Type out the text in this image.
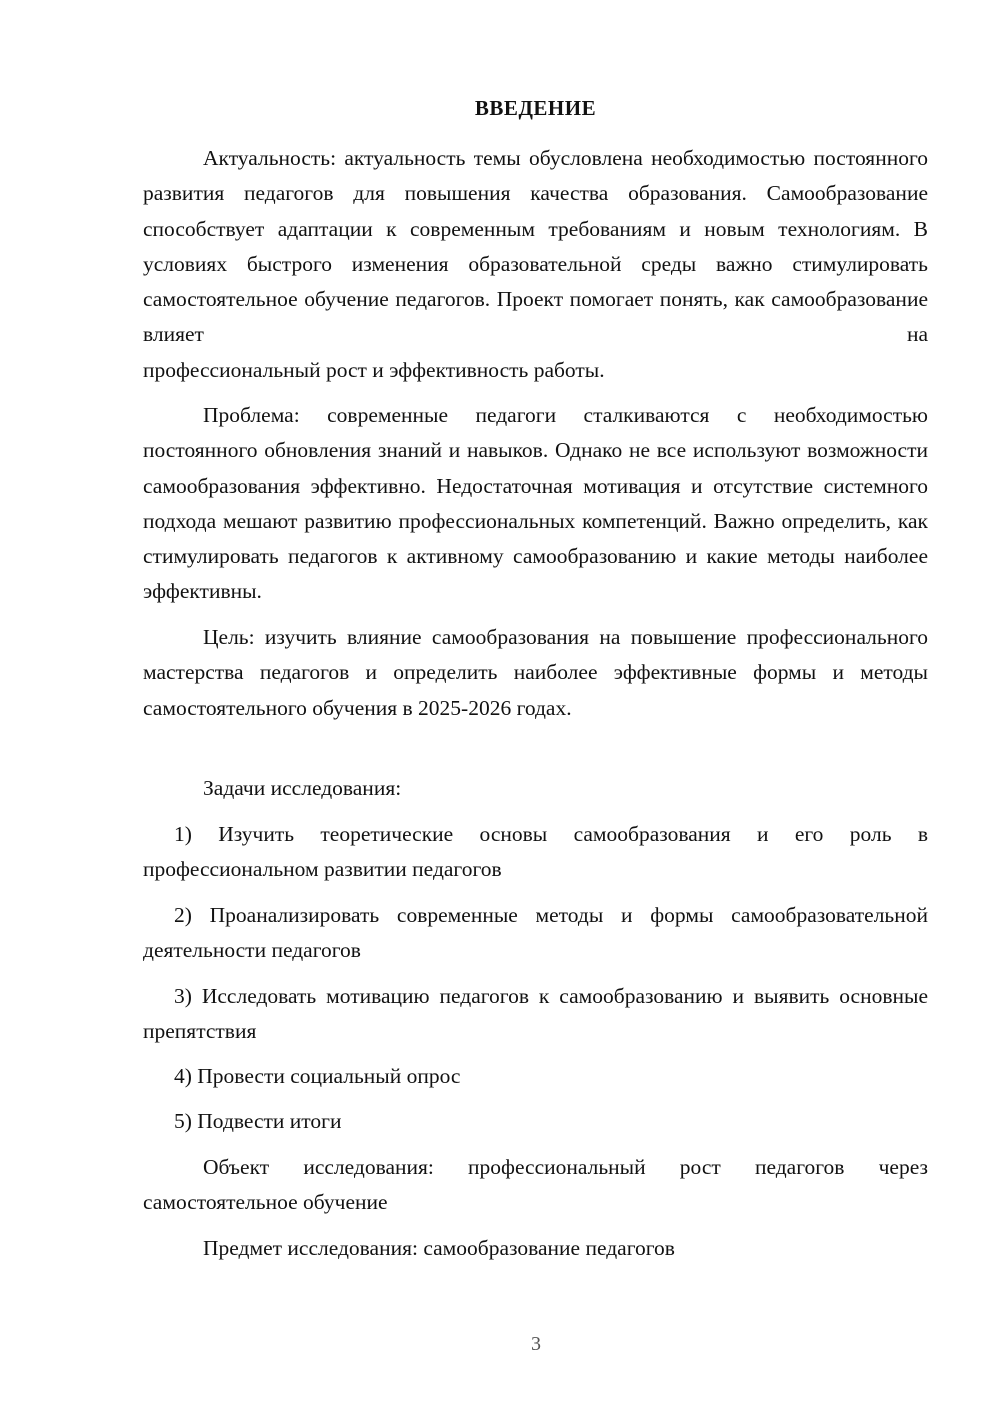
ВВЕДЕНИЕ

Актуальность: актуальность темы обусловлена необходимостью постоянного развития педагогов для повышения качества образования. Самообразование способствует адаптации к современным требованиям и новым технологиям. В условиях быстрого изменения образовательной среды важно стимулировать самостоятельное обучение педагогов. Проект помогает понять, как самообразование влияет на
профессиональный рост и эффективность работы.

Проблема: современные педагоги сталкиваются с необходимостью постоянного обновления знаний и навыков. Однако не все используют возможности самообразования эффективно. Недостаточная мотивация и отсутствие системного подхода мешают развитию профессиональных компетенций. Важно определить, как стимулировать педагогов к активному самообразованию и какие методы наиболее эффективны.

Цель: изучить влияние самообразования на повышение профессионального мастерства педагогов и определить наиболее эффективные формы и методы самостоятельного обучения в 2025-2026 годах.

Задачи исследования:

1) Изучить теоретические основы самообразования и его роль в профессиональном развитии педагогов

2) Проанализировать современные методы и формы самообразовательной деятельности педагогов

3) Исследовать мотивацию педагогов к самообразованию и выявить основные препятствия

4) Провести социальный опрос

5) Подвести итоги

Объект исследования: профессиональный рост педагогов через самостоятельное обучение

Предмет исследования: самообразование педагогов

3
